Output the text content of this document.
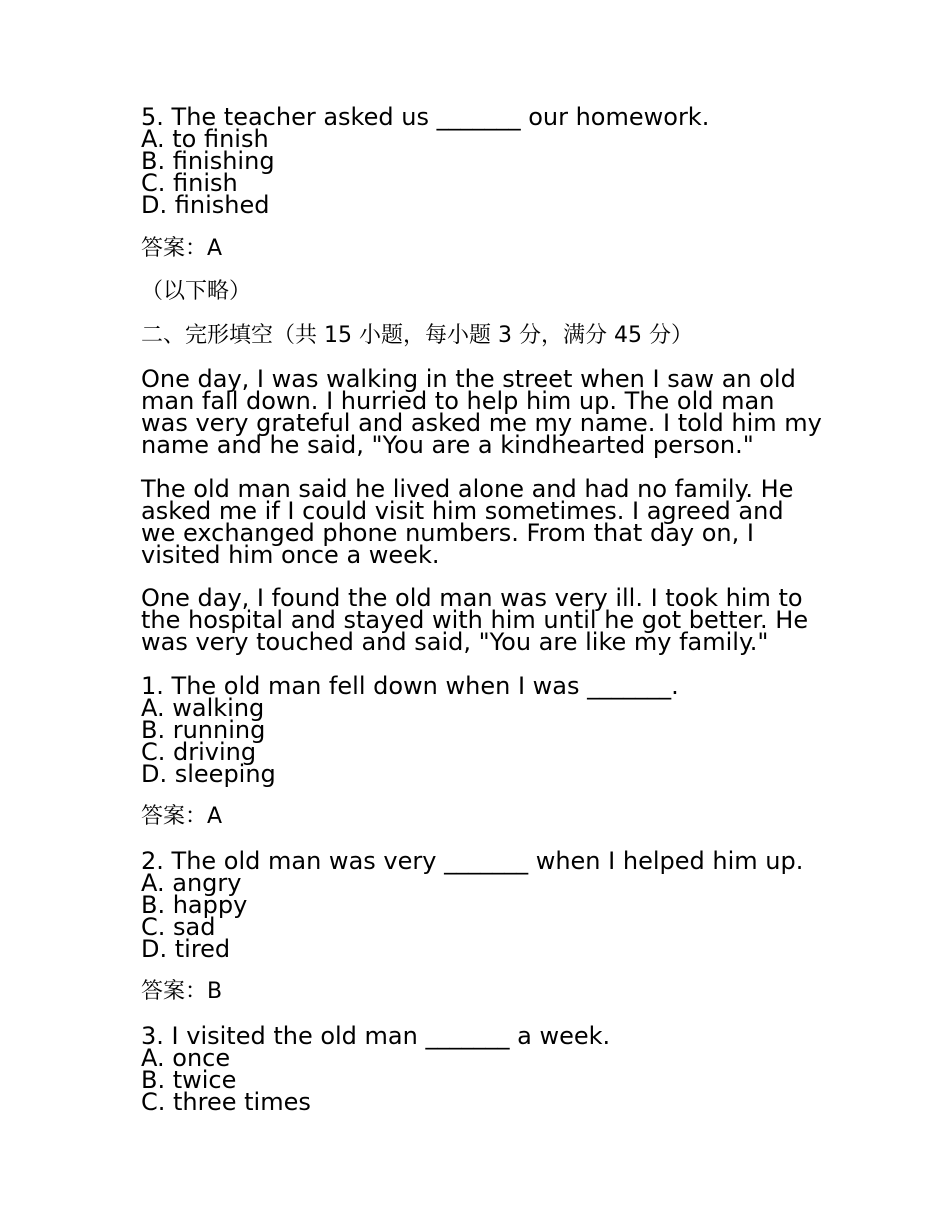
5. The teacher asked us _______ our homework.
A. to finish
B. finishing
C. finish
D. finished
答案：A
（以下略）
二、完形填空（共 15 小题，每小题 3 分，满分 45 分）
One day, I was walking in the street when I saw an old
man fall down. I hurried to help him up. The old man
was very grateful and asked me my name. I told him my
name and he said, "You are a kindhearted person."
The old man said he lived alone and had no family. He
asked me if I could visit him sometimes. I agreed and
we exchanged phone numbers. From that day on, I
visited him once a week.
One day, I found the old man was very ill. I took him to
the hospital and stayed with him until he got better. He
was very touched and said, "You are like my family."
1. The old man fell down when I was _______.
A. walking
B. running
C. driving
D. sleeping
答案：A
2. The old man was very _______ when I helped him up.
A. angry
B. happy
C. sad
D. tired
答案：B
3. I visited the old man _______ a week.
A. once
B. twice
C. three times
